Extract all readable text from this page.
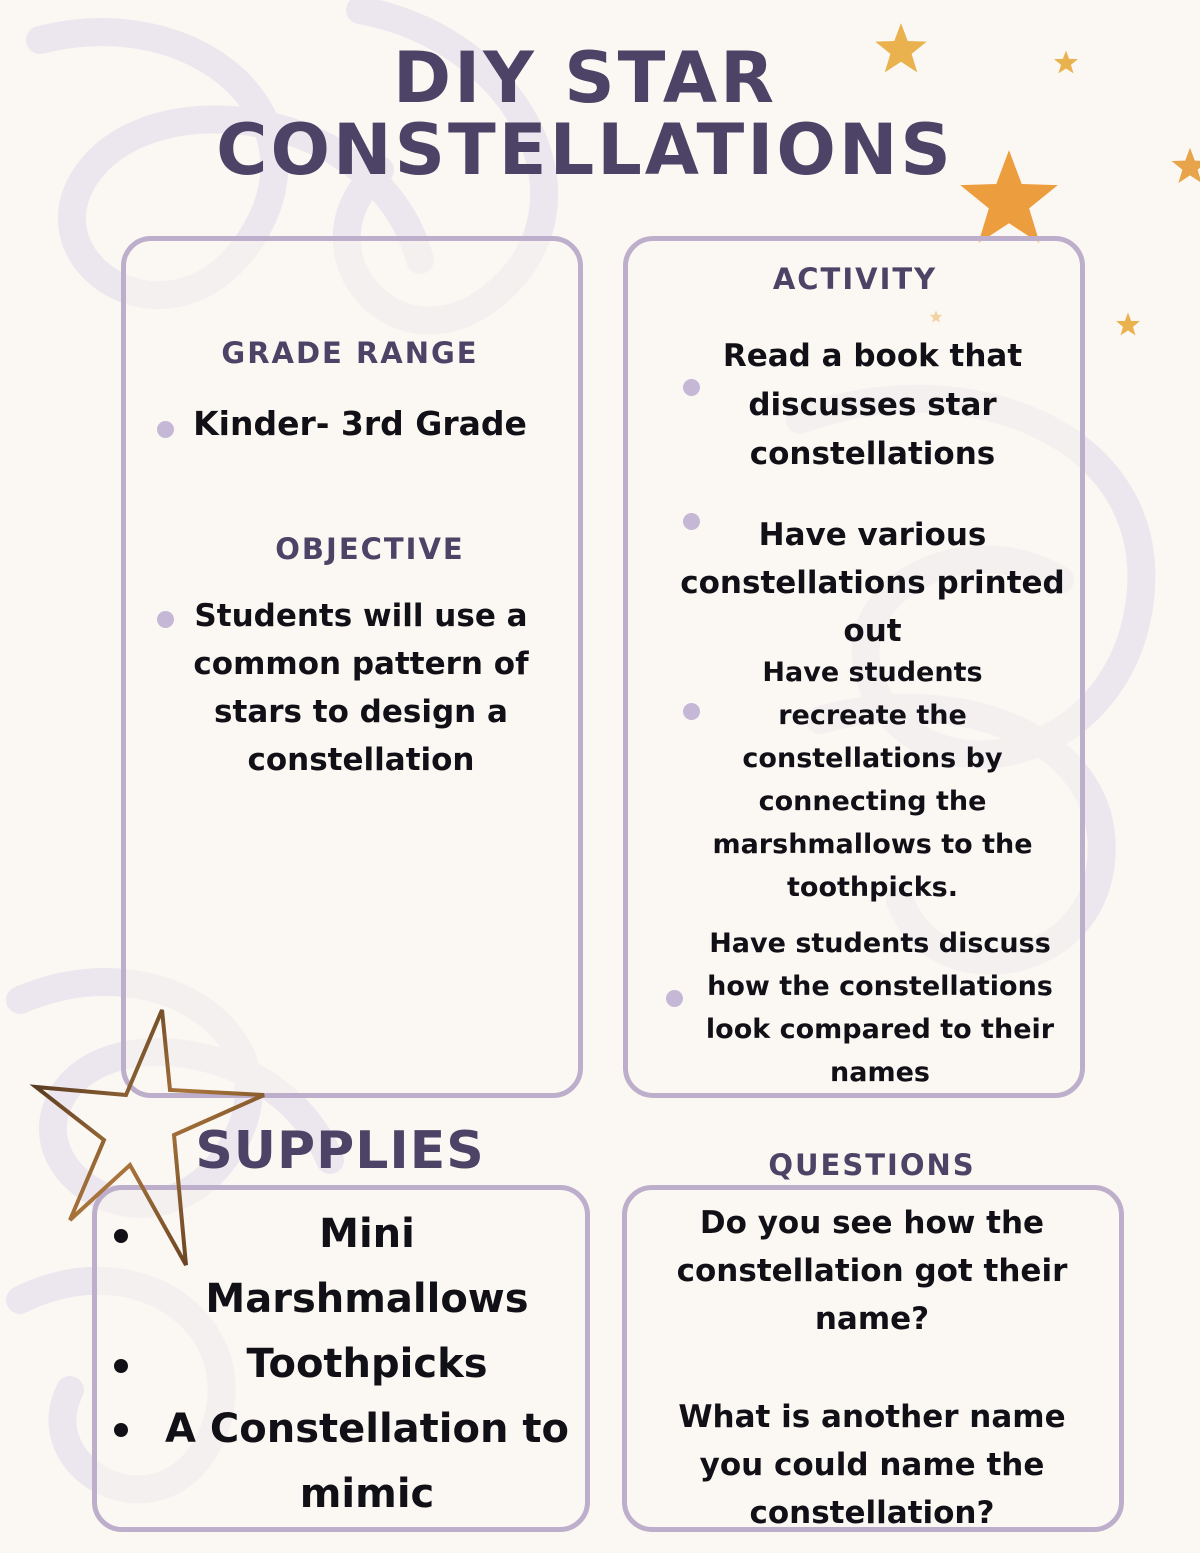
DIY STAR
CONSTELLATIONS
GRADE RANGE
Kinder- 3rd Grade
OBJECTIVE
Students will use a
common pattern of
stars to design a
constellation
ACTIVITY
Read a book that
discusses star
constellations
Have various
constellations printed
out
Have students
recreate the
constellations by
connecting the
marshmallows to the
toothpicks.
Have students discuss
how the constellations
look compared to their
names
SUPPLIES
Mini
Marshmallows
Toothpicks
A Constellation to
mimic
QUESTIONS
Do you see how the
constellation got their
name?
What is another name
you could name the
constellation?
